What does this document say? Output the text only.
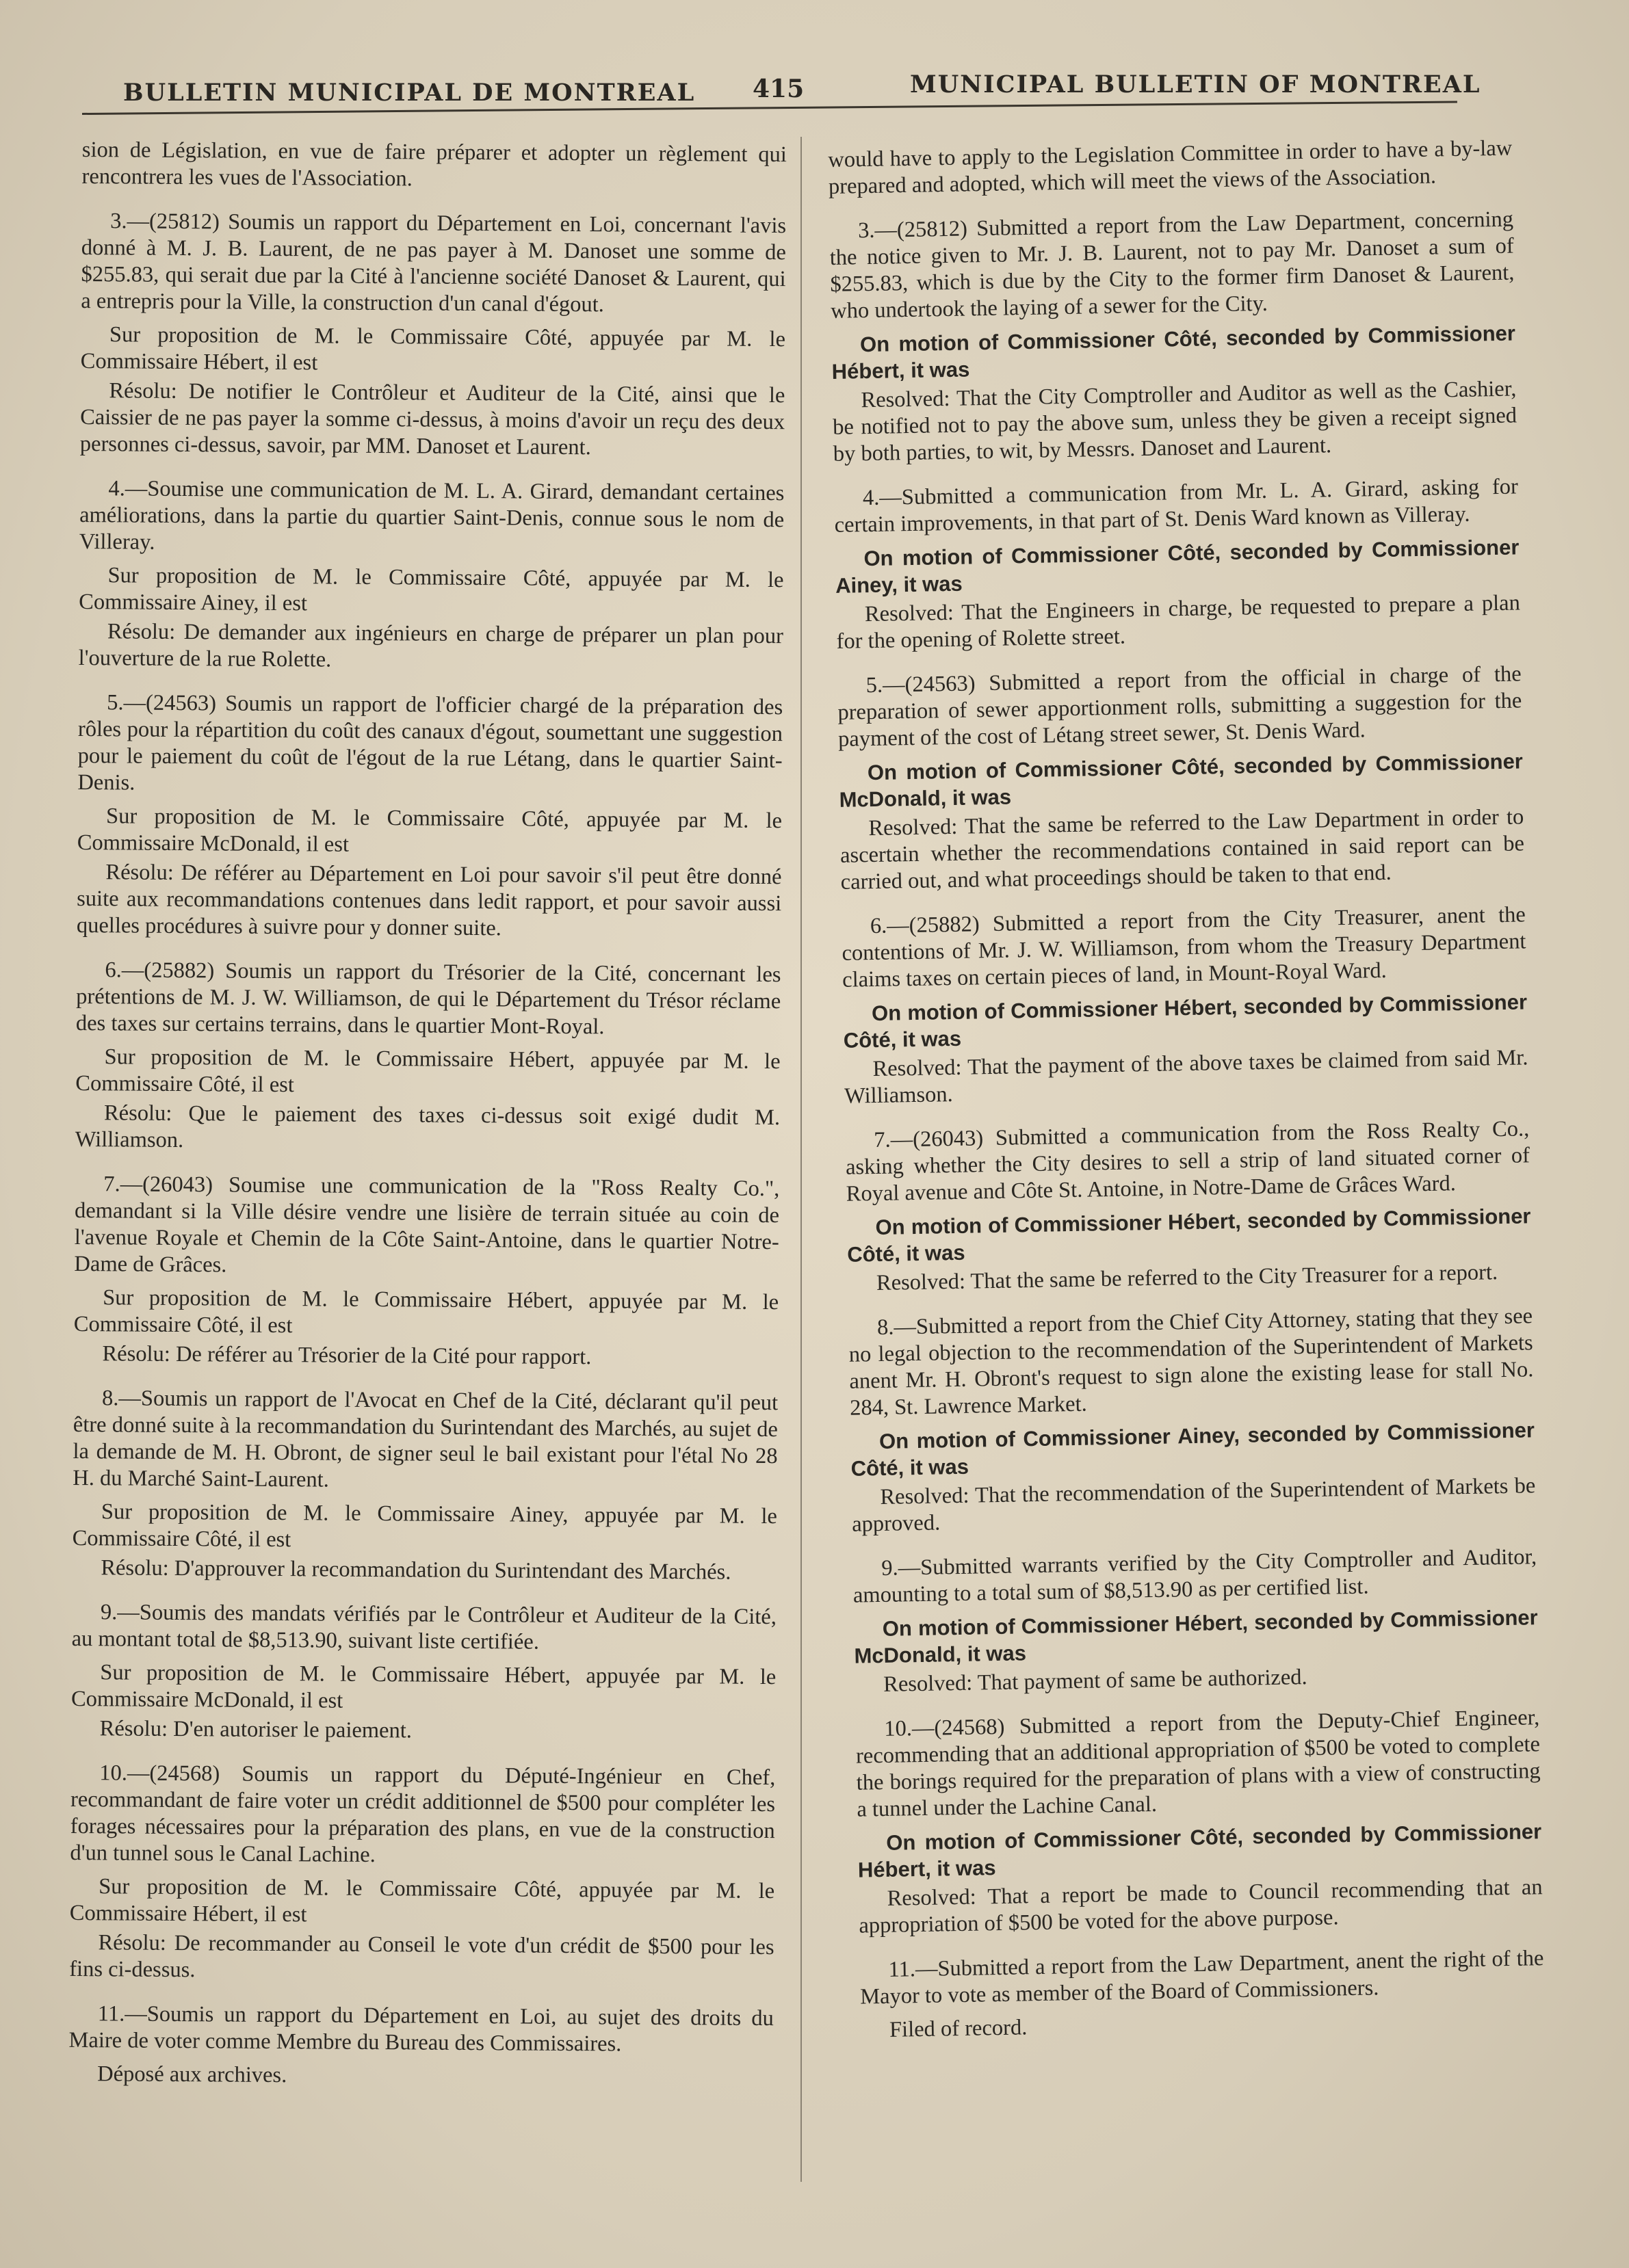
BULLETIN MUNICIPAL DE MONTREAL 415	MUNICIPAL BULLETIN OF MONTREAL

sion de Législation, en vue de faire préparer et adopter un règlement qui rencontrera les vues de l'Association.

3.—(25812) Soumis un rapport du Département en Loi, concernant l'avis donné à M. J. B. Laurent, de ne pas payer à M. Danoset une somme de $255.83, qui serait due par la Cité à l'ancienne société Danoset & Laurent, qui a entrepris pour la Ville, la construction d'un canal d'égout.

Sur proposition de M. le Commissaire Côté, appuyée par M. le Commissaire Hébert, il est

Résolu: De notifier le Contrôleur et Auditeur de la Cité, ainsi que le Caissier de ne pas payer la somme ci-dessus, à moins d'avoir un reçu des deux personnes ci-dessus, savoir, par MM. Danoset et Laurent.

4.—Soumise une communication de M. L. A. Girard, demandant certaines améliorations, dans la partie du quartier Saint-Denis, connue sous le nom de Villeray.

Sur proposition de M. le Commissaire Côté, appuyée par M. le Commissaire Ainey, il est

Résolu: De demander aux ingénieurs en charge de préparer un plan pour l'ouverture de la rue Rolette.

5.—(24563) Soumis un rapport de l'officier chargé de la préparation des rôles pour la répartition du coût des canaux d'égout, soumettant une suggestion pour le paiement du coût de l'égout de la rue Létang, dans le quartier Saint-Denis.

Sur proposition de M. le Commissaire Côté, appuyée par M. le Commissaire McDonald, il est

Résolu: De référer au Département en Loi pour savoir s'il peut être donné suite aux recommandations contenues dans ledit rapport, et pour savoir aussi quelles procédures à suivre pour y donner suite.

6.—(25882) Soumis un rapport du Trésorier de la Cité, concernant les prétentions de M. J. W. Williamson, de qui le Département du Trésor réclame des taxes sur certains terrains, dans le quartier Mont-Royal.

Sur proposition de M. le Commissaire Hébert, appuyée par M. le Commissaire Côté, il est

Résolu: Que le paiement des taxes ci-dessus soit exigé dudit M. Williamson.

7.—(26043) Soumise une communication de la "Ross Realty Co.", demandant si la Ville désire vendre une lisière de terrain située au coin de l'avenue Royale et Chemin de la Côte Saint-Antoine, dans le quartier Notre-Dame de Grâces.

Sur proposition de M. le Commissaire Hébert, appuyée par M. le Commissaire Côté, il est

Résolu: De référer au Trésorier de la Cité pour rapport.

8.—Soumis un rapport de l'Avocat en Chef de la Cité, déclarant qu'il peut être donné suite à la recommandation du Surintendant des Marchés, au sujet de la demande de M. H. Obront, de signer seul le bail existant pour l'étal No 28 H. du Marché Saint-Laurent.

Sur proposition de M. le Commissaire Ainey, appuyée par M. le Commissaire Côté, il est

Résolu: D'approuver la recommandation du Surintendant des Marchés.

9.—Soumis des mandats vérifiés par le Contrôleur et Auditeur de la Cité, au montant total de $8,513.90, suivant liste certifiée.

Sur proposition de M. le Commissaire Hébert, appuyée par M. le Commissaire McDonald, il est

Résolu: D'en autoriser le paiement.

10.—(24568) Soumis un rapport du Député-Ingénieur en Chef, recommandant de faire voter un crédit additionnel de $500 pour compléter les forages nécessaires pour la préparation des plans, en vue de la construction d'un tunnel sous le Canal Lachine.

Sur proposition de M. le Commissaire Côté, appuyée par M. le Commissaire Hébert, il est

Résolu: De recommander au Conseil le vote d'un crédit de $500 pour les fins ci-dessus.

11.—Soumis un rapport du Département en Loi, au sujet des droits du Maire de voter comme Membre du Bureau des Commissaires.

Déposé aux archives.

would have to apply to the Legislation Committee in order to have a by-law prepared and adopted, which will meet the views of the Association.

3.—(25812) Submitted a report from the Law Department, concerning the notice given to Mr. J. B. Laurent, not to pay Mr. Danoset a sum of $255.83, which is due by the City to the former firm Danoset & Laurent, who undertook the laying of a sewer for the City.

On motion of Commissioner Côté, seconded by Commissioner Hébert, it was

Resolved: That the City Comptroller and Auditor as well as the Cashier, be notified not to pay the above sum, unless they be given a receipt signed by both parties, to wit, by Messrs. Danoset and Laurent.

4.—Submitted a communication from Mr. L. A. Girard, asking for certain improvements, in that part of St. Denis Ward known as Villeray.

On motion of Commissioner Côté, seconded by Commissioner Ainey, it was

Resolved: That the Engineers in charge, be requested to prepare a plan for the opening of Rolette street.

5.—(24563) Submitted a report from the official in charge of the preparation of sewer apportionment rolls, submitting a suggestion for the payment of the cost of Létang street sewer, St. Denis Ward.

On motion of Commissioner Côté, seconded by Commissioner McDonald, it was

Resolved: That the same be referred to the Law Department in order to ascertain whether the recommendations contained in said report can be carried out, and what proceedings should be taken to that end.

6.—(25882) Submitted a report from the City Treasurer, anent the contentions of Mr. J. W. Williamson, from whom the Treasury Department claims taxes on certain pieces of land, in Mount-Royal Ward.

On motion of Commissioner Hébert, seconded by Commissioner Côté, it was

Resolved: That the payment of the above taxes be claimed from said Mr. Williamson.

7.—(26043) Submitted a communication from the Ross Realty Co., asking whether the City desires to sell a strip of land situated corner of Royal avenue and Côte St. Antoine, in Notre-Dame de Grâces Ward.

On motion of Commissioner Hébert, seconded by Commissioner Côté, it was

Resolved: That the same be referred to the City Treasurer for a report.

8.—Submitted a report from the Chief City Attorney, stating that they see no legal objection to the recommendation of the Superintendent of Markets anent Mr. H. Obront's request to sign alone the existing lease for stall No. 284, St. Lawrence Market.

On motion of Commissioner Ainey, seconded by Commissioner Côté, it was

Resolved: That the recommendation of the Superintendent of Markets be approved.

9.—Submitted warrants verified by the City Comptroller and Auditor, amounting to a total sum of $8,513.90 as per certified list.

On motion of Commissioner Hébert, seconded by Commissioner McDonald, it was

Resolved: That payment of same be authorized.

10.—(24568) Submitted a report from the Deputy-Chief Engineer, recommending that an additional appropriation of $500 be voted to complete the borings required for the preparation of plans with a view of constructing a tunnel under the Lachine Canal.

On motion of Commissioner Côté, seconded by Commissioner Hébert, it was

Resolved: That a report be made to Council recommending that an appropriation of $500 be voted for the above purpose.

11.—Submitted a report from the Law Department, anent the right of the Mayor to vote as member of the Board of Commissioners.

Filed of record.
